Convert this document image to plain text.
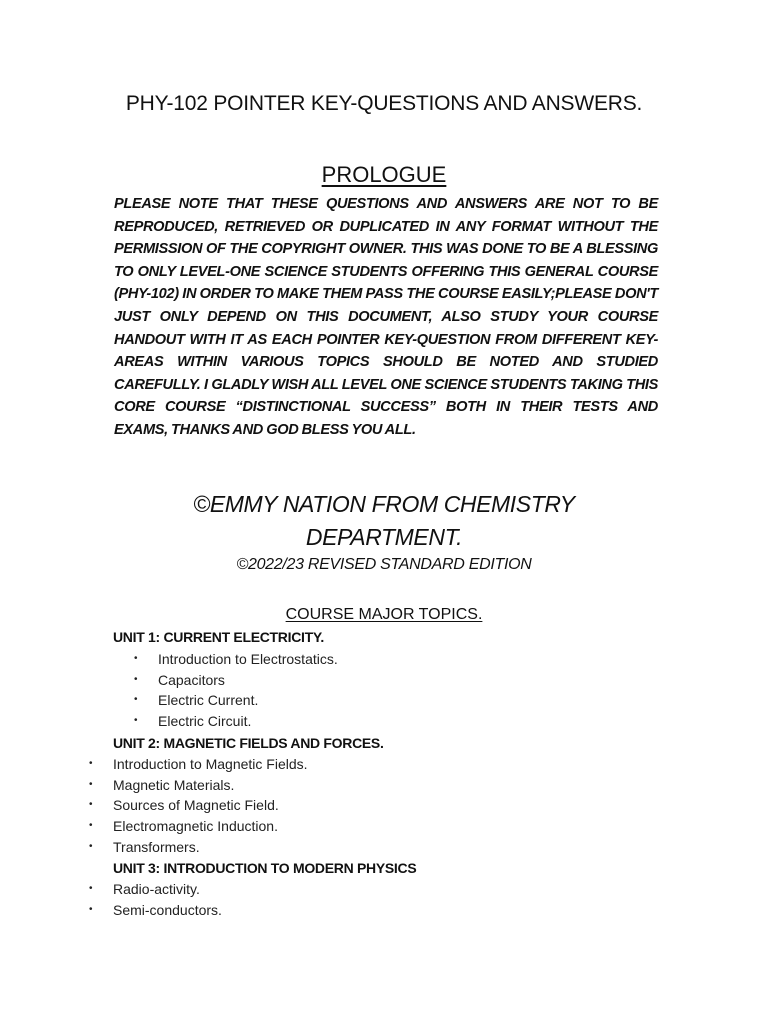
PHY-102 POINTER KEY-QUESTIONS AND ANSWERS.
PROLOGUE
PLEASE NOTE THAT THESE QUESTIONS AND ANSWERS ARE NOT TO BE REPRODUCED, RETRIEVED OR DUPLICATED IN ANY FORMAT WITHOUT THE PERMISSION OF THE COPYRIGHT OWNER. THIS WAS DONE TO BE A BLESSING TO ONLY LEVEL-ONE SCIENCE STUDENTS OFFERING THIS GENERAL COURSE (PHY-102) IN ORDER TO MAKE THEM PASS THE COURSE EASILY;PLEASE DON'T JUST ONLY DEPEND ON THIS DOCUMENT, ALSO STUDY YOUR COURSE HANDOUT WITH IT AS EACH POINTER KEY-QUESTION FROM DIFFERENT KEY-AREAS WITHIN VARIOUS TOPICS SHOULD BE NOTED AND STUDIED CAREFULLY. I GLADLY WISH ALL LEVEL ONE SCIENCE STUDENTS TAKING THIS CORE COURSE “DISTINCTIONAL SUCCESS” BOTH IN THEIR TESTS AND EXAMS, THANKS AND GOD BLESS YOU ALL.
©EMMY NATION FROM CHEMISTRY
DEPARTMENT.
©2022/23 REVISED STANDARD EDITION
COURSE MAJOR TOPICS.
UNIT 1: CURRENT ELECTRICITY.
• Introduction to Electrostatics.
• Capacitors
• Electric Current.
• Electric Circuit.
UNIT 2: MAGNETIC FIELDS AND FORCES.
• Introduction to Magnetic Fields.
• Magnetic Materials.
• Sources of Magnetic Field.
• Electromagnetic Induction.
• Transformers.
UNIT 3: INTRODUCTION TO MODERN PHYSICS
• Radio-activity.
• Semi-conductors.
